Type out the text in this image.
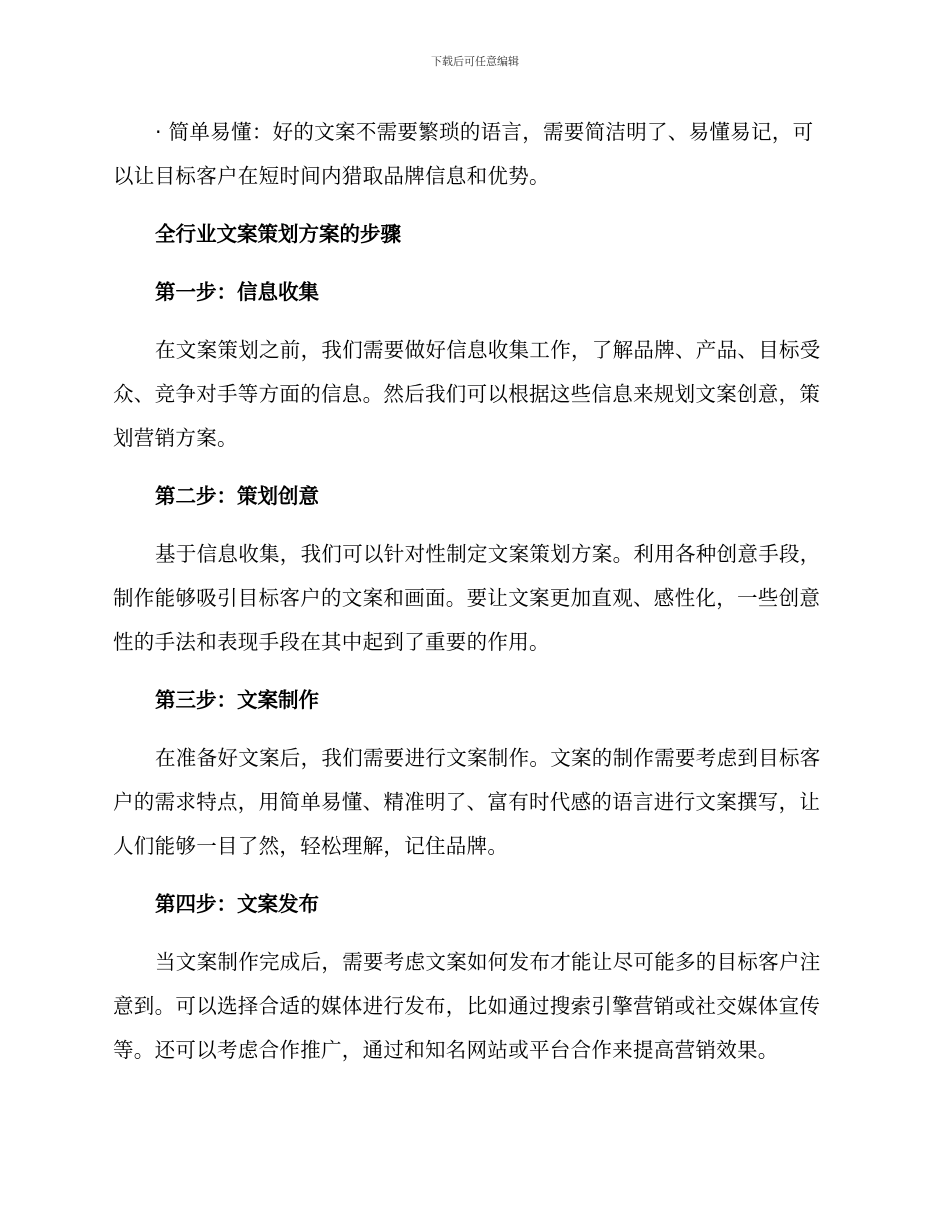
下载后可任意编辑

· 简单易懂：好的文案不需要繁琐的语言，需要简洁明了、易懂易记，可以让目标客户在短时间内猎取品牌信息和优势。

全行业文案策划方案的步骤

第一步：信息收集

在文案策划之前，我们需要做好信息收集工作，了解品牌、产品、目标受众、竞争对手等方面的信息。然后我们可以根据这些信息来规划文案创意，策划营销方案。

第二步：策划创意

基于信息收集，我们可以针对性制定文案策划方案。利用各种创意手段，制作能够吸引目标客户的文案和画面。要让文案更加直观、感性化，一些创意性的手法和表现手段在其中起到了重要的作用。

第三步：文案制作

在准备好文案后，我们需要进行文案制作。文案的制作需要考虑到目标客户的需求特点，用简单易懂、精准明了、富有时代感的语言进行文案撰写，让人们能够一目了然，轻松理解，记住品牌。

第四步：文案发布

当文案制作完成后，需要考虑文案如何发布才能让尽可能多的目标客户注意到。可以选择合适的媒体进行发布，比如通过搜索引擎营销或社交媒体宣传等。还可以考虑合作推广，通过和知名网站或平台合作来提高营销效果。
